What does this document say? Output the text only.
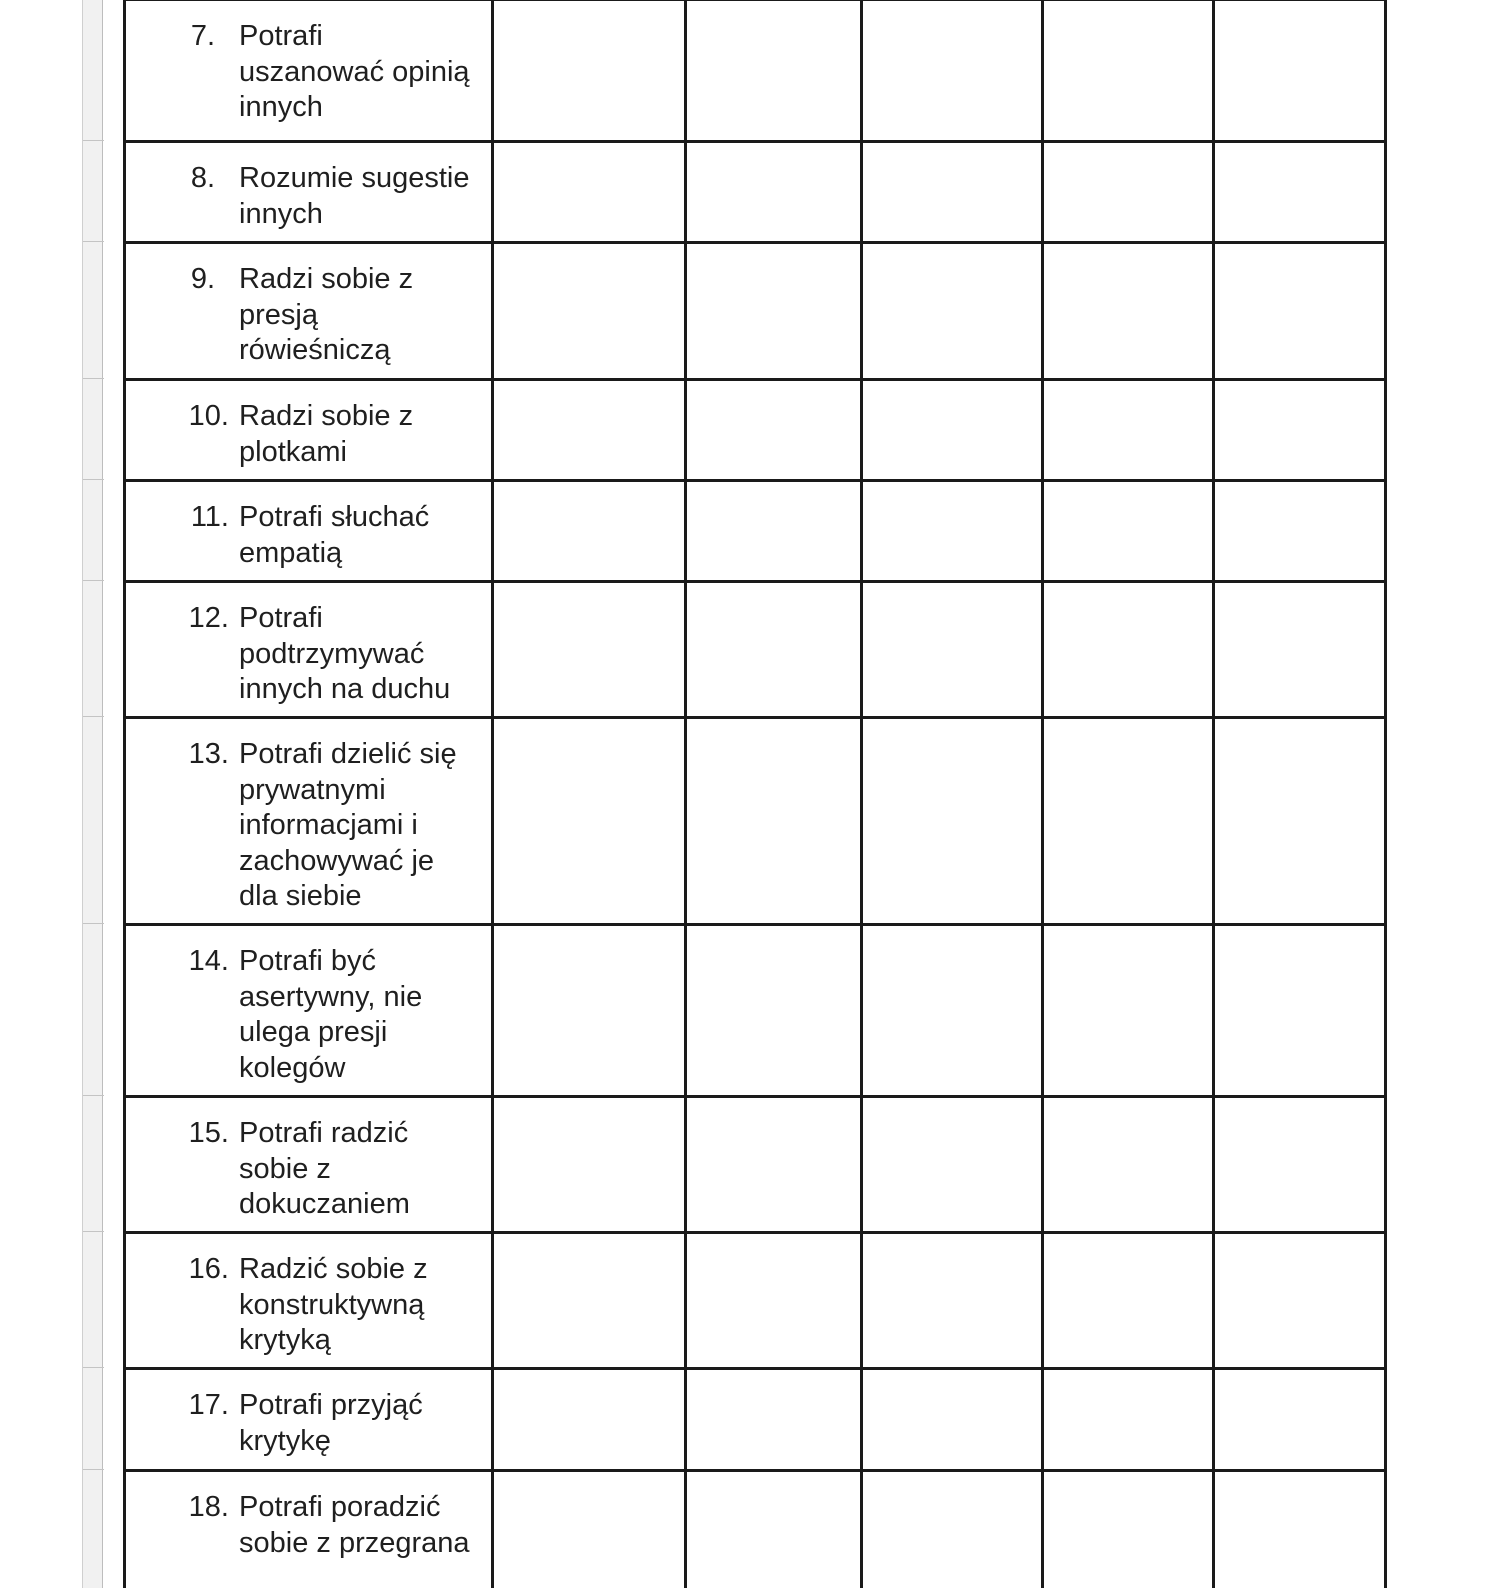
7. Potrafi uszanować opinią innych					

8. Rozumie sugestie innych					

9. Radzi sobie z presją rówieśniczą					

10. Radzi sobie z plotkami					

11. Potrafi słuchać empatią					

12. Potrafi podtrzymywać innych na duchu					

13. Potrafi dzielić się prywatnymi informacjami i zachowywać je dla siebie					

14. Potrafi być asertywny, nie ulega presji kolegów					

15. Potrafi radzić sobie z dokuczaniem					

16. Radzić sobie z konstruktywną krytyką					

17. Potrafi przyjąć krytykę					

18. Potrafi poradzić sobie z przegrana					
